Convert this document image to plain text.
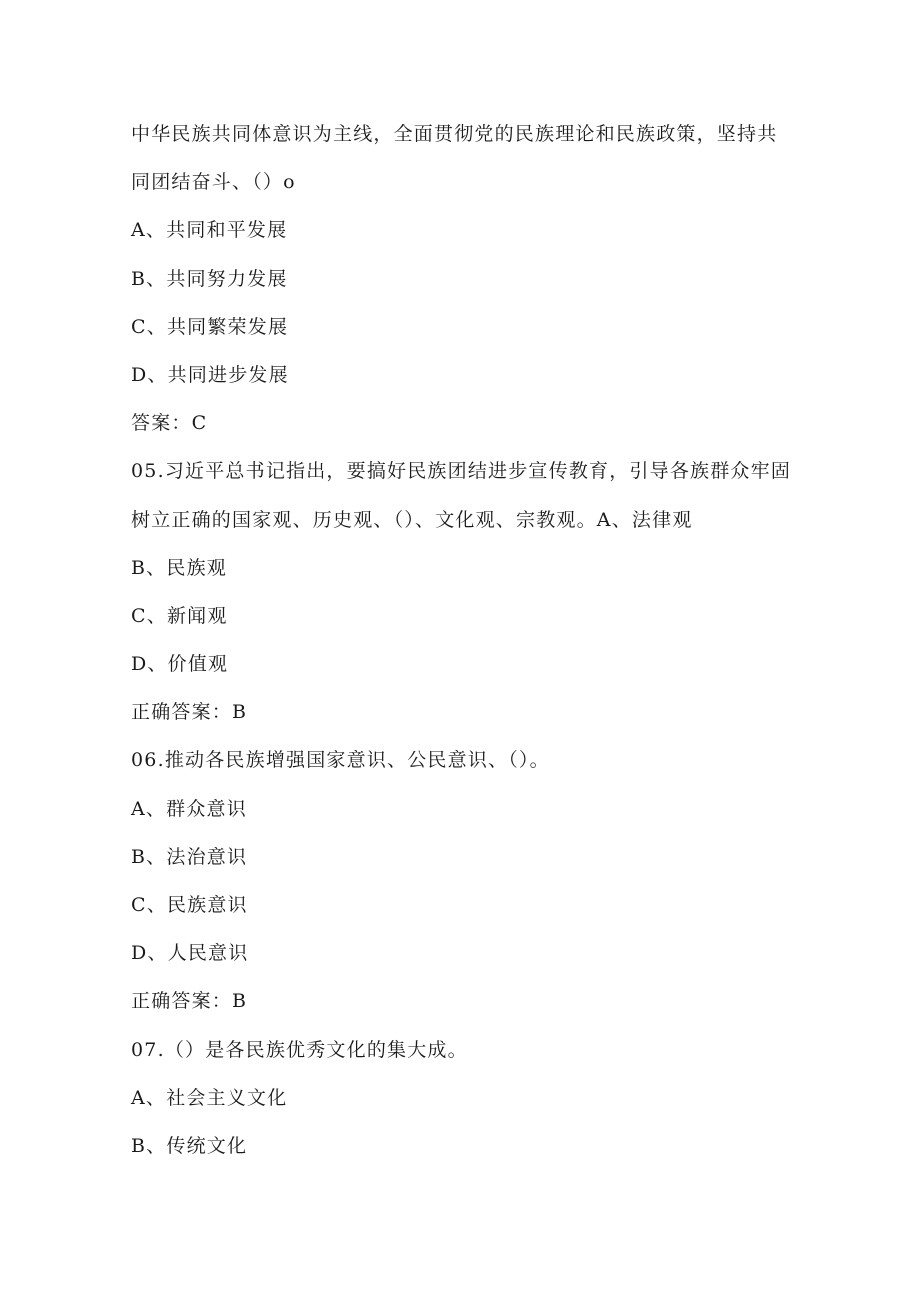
中华民族共同体意识为主线，全面贯彻党的民族理论和民族政策，坚持共
同团结奋斗、（）o
A、共同和平发展
B、共同努力发展
C、共同繁荣发展
D、共同进步发展
答案：C
05.习近平总书记指出，要搞好民族团结进步宣传教育，引导各族群众牢固
树立正确的国家观、历史观、（）、文化观、宗教观。A、法律观
B、民族观
C、新闻观
D、价值观
正确答案：B
06.推动各民族增强国家意识、公民意识、（）。
A、群众意识
B、法治意识
C、民族意识
D、人民意识
正确答案：B
07.（）是各民族优秀文化的集大成。
A、社会主义文化
B、传统文化
